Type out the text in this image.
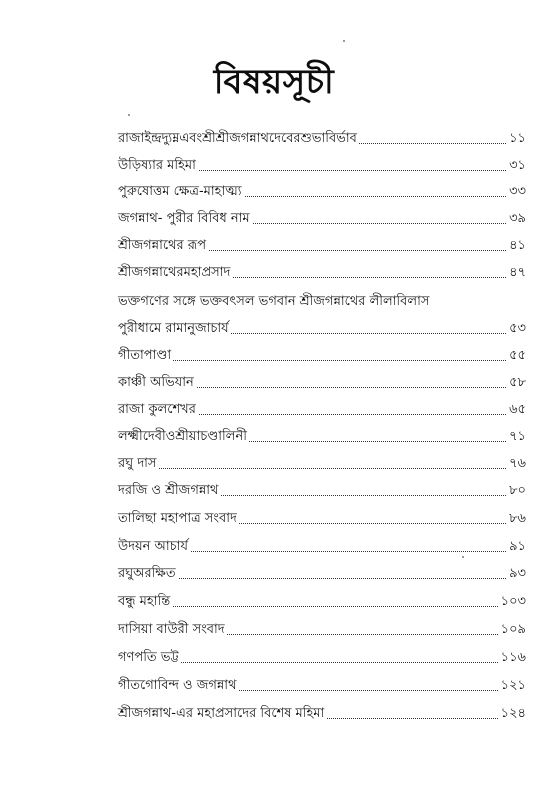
বিষয়সূচী
রাজাইন্দ্রদ্যুম্নএবংশ্রীশ্রীজগন্নাথদেবেরশুভাবির্ভাব	১১
উড়িষ্যার মহিমা	৩১
পুরুষোত্তম ক্ষেত্র-মাহাত্ম্য	৩৩
জগন্নাথ- পুরীর বিবিধ নাম	৩৯
শ্রীজগন্নাথের রূপ	৪১
শ্রীজগন্নাথেরমহাপ্রসাদ	৪৭
ভক্তগণের সঙ্গে ভক্তবৎসল ভগবান শ্রীজগন্নাথের লীলাবিলাস
পুরীধামে রামানুজাচার্য	৫৩
গীতাপাণ্ডা	৫৫
কাঞ্চী অভিযান	৫৮
রাজা কুলশেখর	৬৫
লক্ষ্মীদেবীওশ্রীয়াচণ্ডালিনী	৭১
রঘু দাস	৭৬
দরজি ও শ্রীজগন্নাথ	৮০
তালিছা মহাপাত্র সংবাদ	৮৬
উদয়ন আচার্য	৯১
রঘুঅরক্ষিত	৯৩
বন্ধু মহান্তি	১০৩
দাসিয়া বাউরী সংবাদ	১০৯
গণপতি ভট্ট	১১৬
গীতগোবিন্দ ও জগন্নাথ	১২১
শ্রীজগন্নাথ-এর মহাপ্রসাদের বিশেষ মহিমা	১২৪
